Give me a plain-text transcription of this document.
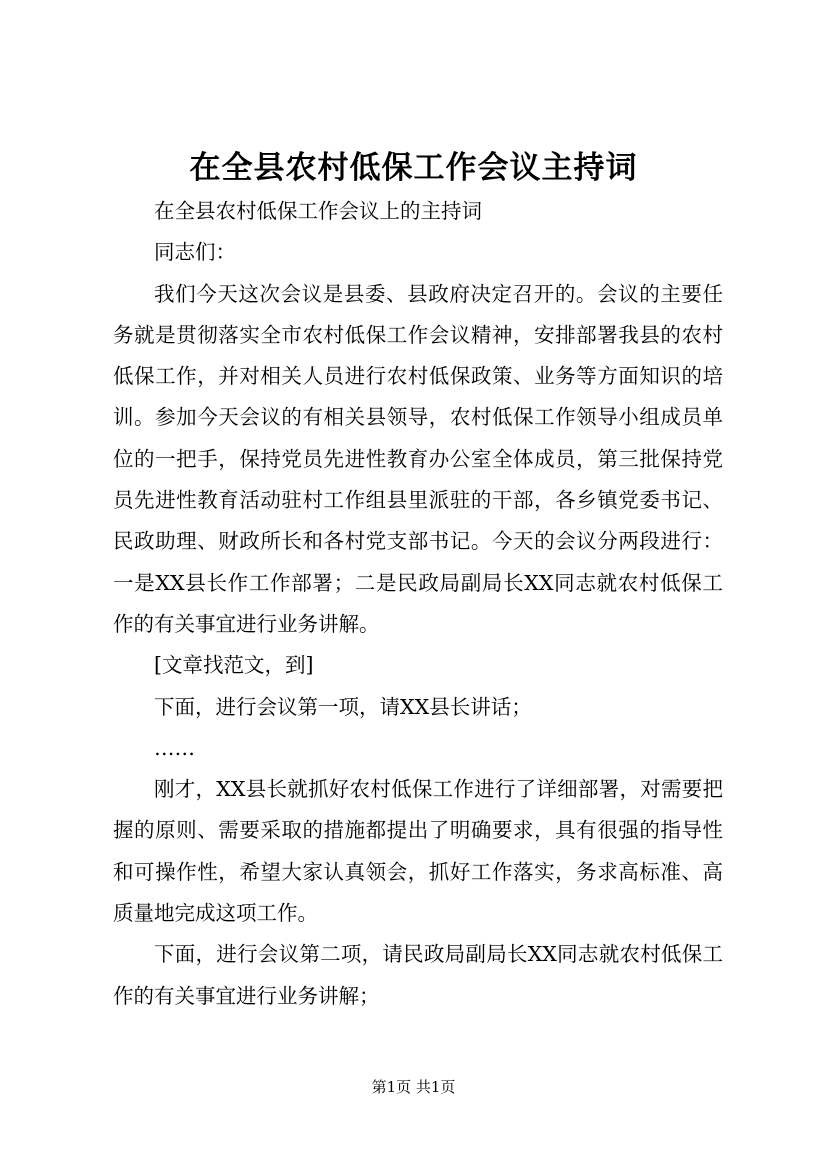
在全县农村低保工作会议主持词

在全县农村低保工作会议上的主持词

同志们：

我们今天这次会议是县委、县政府决定召开的。会议的主要任务就是贯彻落实全市农村低保工作会议精神，安排部署我县的农村低保工作，并对相关人员进行农村低保政策、业务等方面知识的培训。参加今天会议的有相关县领导，农村低保工作领导小组成员单位的一把手，保持党员先进性教育办公室全体成员，第三批保持党员先进性教育活动驻村工作组县里派驻的干部，各乡镇党委书记、民政助理、财政所长和各村党支部书记。今天的会议分两段进行：一是XX县长作工作部署；二是民政局副局长XX同志就农村低保工作的有关事宜进行业务讲解。

[文章找范文，到]

下面，进行会议第一项，请XX县长讲话；

……

刚才，XX县长就抓好农村低保工作进行了详细部署，对需要把握的原则、需要采取的措施都提出了明确要求，具有很强的指导性和可操作性，希望大家认真领会，抓好工作落实，务求高标准、高质量地完成这项工作。

下面，进行会议第二项，请民政局副局长XX同志就农村低保工作的有关事宜进行业务讲解；

第1页 共1页
